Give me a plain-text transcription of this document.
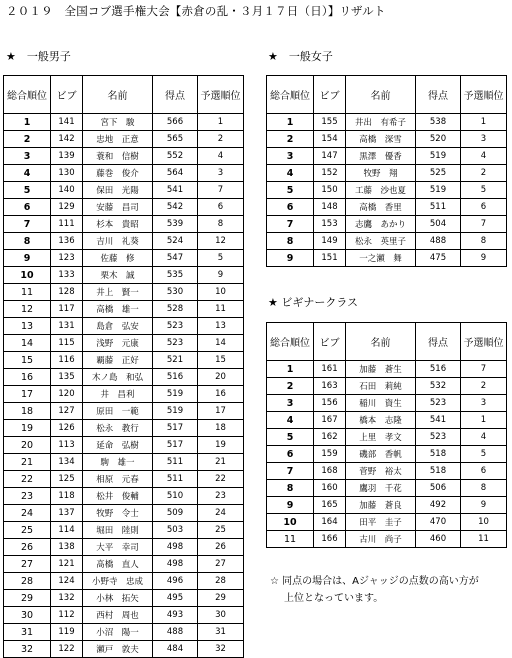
２０１９　全国コブ選手権大会【赤倉の乱・３月１７日（日）】リザルト
★　一般男子	★　一般女子
★ ビギナークラス
総合順位	ビブ	名前	得点	予選順位
1	141	宮下　駿	566	1
2	142	忠地　正意	565	2
3	139	蓑和　信樹	552	4
4	130	藤巻　俊介	564	3
5	140	保田　光陽	541	7
6	129	安藤　昌司	542	6
7	111	杉本　貴昭	539	8
8	136	吉川　礼葵	524	12
9	123	佐藤　修	547	5
10	133	栗木　誠	535	9
11	128	井上　賢一	530	10
12	117	高橋　雄一	528	11
13	131	島倉　弘安	523	13
14	115	浅野　元康	523	14
15	116	覇藤　正好	521	15
16	135	木ノ島　和弘	516	20
17	120	井　昌利	519	16
18	127	原田　一範	519	17
19	126	松永　教行	517	18
20	113	延命　弘樹	517	19
21	134	駒　雄一	511	21
22	125	相原　元春	511	22
23	118	松井　俊輔	510	23
24	137	牧野　令士	509	24
25	114	堀田　陸則	503	25
26	138	大平　幸司	498	26
27	121	髙橋　直人	498	27
28	124	小野寺　忠成	496	28
29	132	小林　拓矢	495	29
30	112	西村　周也	493	30
31	119	小沼　陽一	488	31
32	122	瀬戸　敦夫	484	32
総合順位	ビブ	名前	得点	予選順位
1	155	井出　有希子	538	1
2	154	高橋　深雪	520	3
3	147	黒澤　優香	519	4
4	152	牧野　翔	525	2
5	150	工藤　沙也夏	519	5
6	148	高橋　香里	511	6
7	153	志鷹　あかり	504	7
8	149	松永　英里子	488	8
9	151	一之瀬　舞	475	9
総合順位	ビブ	名前	得点	予選順位
1	161	加藤　蒼生	516	7
2	163	石田　莉純	532	2
3	156	稲川　資生	523	3
4	167	橋本　志隆	541	1
5	162	上里　孝文	523	4
6	159	磯部　香帆	518	5
7	168	菅野　裕太	518	6
8	160	鷹羽　千花	506	8
9	165	加藤　蒼良	492	9
10	164	田平　圭子	470	10
11	166	古川　尚子	460	11
☆ 同点の場合は、Aジャッジの点数の高い方が
上位となっています。
